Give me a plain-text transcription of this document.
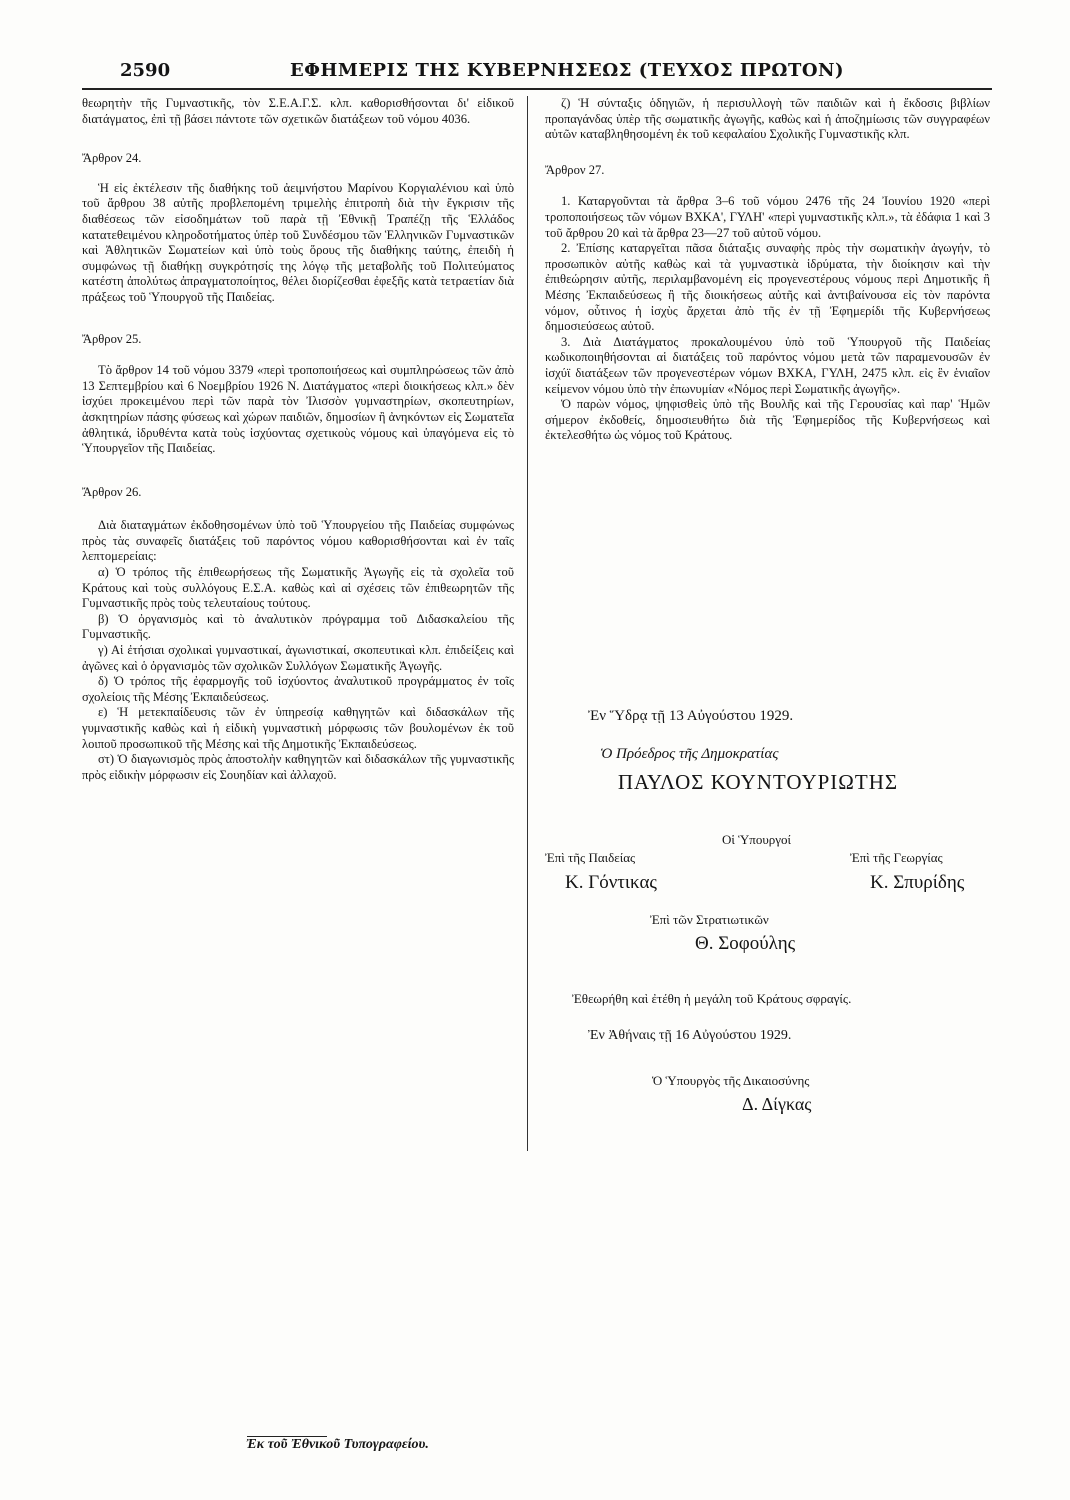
2590	ΕΦΗΜΕΡΙΣ ΤΗΣ ΚΥΒΕΡΝΗΣΕΩΣ (ΤΕΥΧΟΣ ΠΡΩΤΟΝ)

θεωρητὴν τῆς Γυμναστικῆς, τὸν Σ.Ε.Α.Γ.Σ. κλπ. καθορισθήσονται δι' εἰδικοῦ διατάγματος, ἐπὶ τῇ βάσει πάντοτε τῶν σχετικῶν διατάξεων τοῦ νόμου 4036.

Ἄρθρον 24.

Ἡ εἰς ἐκτέλεσιν τῆς διαθήκης τοῦ ἀειμνήστου Μαρίνου Κοργιαλένιου καὶ ὑπὸ τοῦ ἄρθρου 38 αὐτῆς προβλεπομένη τριμελὴς ἐπιτροπὴ διὰ τὴν ἔγκρισιν τῆς διαθέσεως τῶν εἰσοδημάτων τοῦ παρὰ τῇ Ἐθνικῇ Τραπέζῃ τῆς Ἑλλάδος κατατεθειμένου κληροδοτήματος ὑπὲρ τοῦ Συνδέσμου τῶν Ἑλληνικῶν Γυμναστικῶν καὶ Ἀθλητικῶν Σωματείων καὶ ὑπὸ τοὺς ὅρους τῆς διαθήκης ταύτης, ἐπειδὴ ἡ συμφώνως τῇ διαθήκῃ συγκρότησίς της λόγῳ τῆς μεταβολῆς τοῦ Πολιτεύματος κατέστη ἀπολύτως ἀπραγματοποίητος, θέλει διορίζεσθαι ἐφεξῆς κατὰ τετραετίαν διὰ πράξεως τοῦ Ὑπουργοῦ τῆς Παιδείας.

Ἄρθρον 25.

Τὸ ἄρθρον 14 τοῦ νόμου 3379 «περὶ τροποποιήσεως καὶ συμπληρώσεως τῶν ἀπὸ 13 Σεπτεμβρίου καὶ 6 Νοεμβρίου 1926 Ν. Διατάγματος «περὶ διοικήσεως κλπ.» δὲν ἰσχύει προκειμένου περὶ τῶν παρὰ τὸν Ἰλισσὸν γυμναστηρίων, σκοπευτηρίων, ἀσκητηρίων πάσης φύσεως καὶ χώρων παιδιῶν, δημοσίων ἢ ἀνηκόντων εἰς Σωματεῖα ἀθλητικά, ἱδρυθέντα κατὰ τοὺς ἰσχύοντας σχετικοὺς νόμους καὶ ὑπαγόμενα εἰς τὸ Ὑπουργεῖον τῆς Παιδείας.

Ἄρθρον 26.

Διὰ διαταγμάτων ἐκδοθησομένων ὑπὸ τοῦ Ὑπουργείου τῆς Παιδείας συμφώνως πρὸς τὰς συναφεῖς διατάξεις τοῦ παρόντος νόμου καθορισθήσονται καὶ ἐν ταῖς λεπτομερείαις:

α) Ὁ τρόπος τῆς ἐπιθεωρήσεως τῆς Σωματικῆς Ἀγωγῆς εἰς τὰ σχολεῖα τοῦ Κράτους καὶ τοὺς συλλόγους Ε.Σ.Α. καθὼς καὶ αἱ σχέσεις τῶν ἐπιθεωρητῶν τῆς Γυμναστικῆς πρὸς τοὺς τελευταίους τούτους.

β) Ὁ ὀργανισμὸς καὶ τὸ ἀναλυτικὸν πρόγραμμα τοῦ Διδασκαλείου τῆς Γυμναστικῆς.

γ) Αἱ ἐτήσιαι σχολικαὶ γυμναστικαί, ἀγωνιστικαί, σκοπευτικαὶ κλπ. ἐπιδείξεις καὶ ἀγῶνες καὶ ὁ ὀργανισμὸς τῶν σχολικῶν Συλλόγων Σωματικῆς Ἀγωγῆς.

δ) Ὁ τρόπος τῆς ἐφαρμογῆς τοῦ ἰσχύοντος ἀναλυτικοῦ προγράμματος ἐν τοῖς σχολείοις τῆς Μέσης Ἐκπαιδεύσεως.

ε) Ἡ μετεκπαίδευσις τῶν ἐν ὑπηρεσίᾳ καθηγητῶν καὶ διδασκάλων τῆς γυμναστικῆς καθὼς καὶ ἡ εἰδικὴ γυμναστικὴ μόρφωσις τῶν βουλομένων ἐκ τοῦ λοιποῦ προσωπικοῦ τῆς Μέσης καὶ τῆς Δημοτικῆς Ἐκπαιδεύσεως.

στ) Ὁ διαγωνισμὸς πρὸς ἀποστολὴν καθηγητῶν καὶ διδασκάλων τῆς γυμναστικῆς πρὸς εἰδικὴν μόρφωσιν εἰς Σουηδίαν καὶ ἀλλαχοῦ.

ζ) Ἡ σύνταξις ὁδηγιῶν, ἡ περισυλλογὴ τῶν παιδιῶν καὶ ἡ ἔκδοσις βιβλίων προπαγάνδας ὑπὲρ τῆς σωματικῆς ἀγωγῆς, καθὼς καὶ ἡ ἀποζημίωσις τῶν συγγραφέων αὐτῶν καταβληθησομένη ἐκ τοῦ κεφαλαίου Σχολικῆς Γυμναστικῆς κλπ.

Ἄρθρον 27.

1. Καταργοῦνται τὰ ἄρθρα 3–6 τοῦ νόμου 2476 τῆς 24 Ἰουνίου 1920 «περὶ τροποποιήσεως τῶν νόμων ΒΧΚΑ', ΓΥΛΗ' «περὶ γυμναστικῆς κλπ.», τὰ ἐδάφια 1 καὶ 3 τοῦ ἄρθρου 20 καὶ τὰ ἄρθρα 23—27 τοῦ αὐτοῦ νόμου.

2. Ἐπίσης καταργεῖται πᾶσα διάταξις συναφὴς πρὸς τὴν σωματικὴν ἀγωγήν, τὸ προσωπικὸν αὐτῆς καθὼς καὶ τὰ γυμναστικὰ ἱδρύματα, τὴν διοίκησιν καὶ τὴν ἐπιθεώρησιν αὐτῆς, περιλαμβανομένη εἰς προγενεστέρους νόμους περὶ Δημοτικῆς ἢ Μέσης Ἐκπαιδεύσεως ἢ τῆς διοικήσεως αὐτῆς καὶ ἀντιβαίνουσα εἰς τὸν παρόντα νόμον, οὗτινος ἡ ἰσχὺς ἄρχεται ἀπὸ τῆς ἐν τῇ Ἐφημερίδι τῆς Κυβερνήσεως δημοσιεύσεως αὐτοῦ.

3. Διὰ Διατάγματος προκαλουμένου ὑπὸ τοῦ Ὑπουργοῦ τῆς Παιδείας κωδικοποιηθήσονται αἱ διατάξεις τοῦ παρόντος νόμου μετὰ τῶν παραμενουσῶν ἐν ἰσχύϊ διατάξεων τῶν προγενεστέρων νόμων ΒΧΚΑ, ΓΥΛΗ, 2475 κλπ. εἰς ἓν ἑνιαῖον κείμενον νόμου ὑπὸ τὴν ἐπωνυμίαν «Νόμος περὶ Σωματικῆς ἀγωγῆς».

Ὁ παρὼν νόμος, ψηφισθεὶς ὑπὸ τῆς Βουλῆς καὶ τῆς Γερουσίας καὶ παρ' Ἡμῶν σήμερον ἐκδοθείς, δημοσιευθήτω διὰ τῆς Ἐφημερίδος τῆς Κυβερνήσεως καὶ ἐκτελεσθήτω ὡς νόμος τοῦ Κράτους.

Ἐν Ὕδρᾳ τῇ 13 Αὐγούστου 1929.
Ὁ Πρόεδρος τῆς Δημοκρατίας
ΠΑΥΛΟΣ ΚΟΥΝΤΟΥΡΙΩΤΗΣ
Οἱ Ὑπουργοί
Ἐπὶ τῆς Παιδείας	Ἐπὶ τῆς Γεωργίας
Κ. Γόντικας	Κ. Σπυρίδης
Ἐπὶ τῶν Στρατιωτικῶν
Θ. Σοφούλης
Ἐθεωρήθη καὶ ἐτέθη ἡ μεγάλη τοῦ Κράτους σφραγίς.
Ἐν Ἀθήναις τῇ 16 Αὐγούστου 1929.
Ὁ Ὑπουργὸς τῆς Δικαιοσύνης
Δ. Δίγκας
Ἐκ τοῦ Ἐθνικοῦ Τυπογραφείου.
